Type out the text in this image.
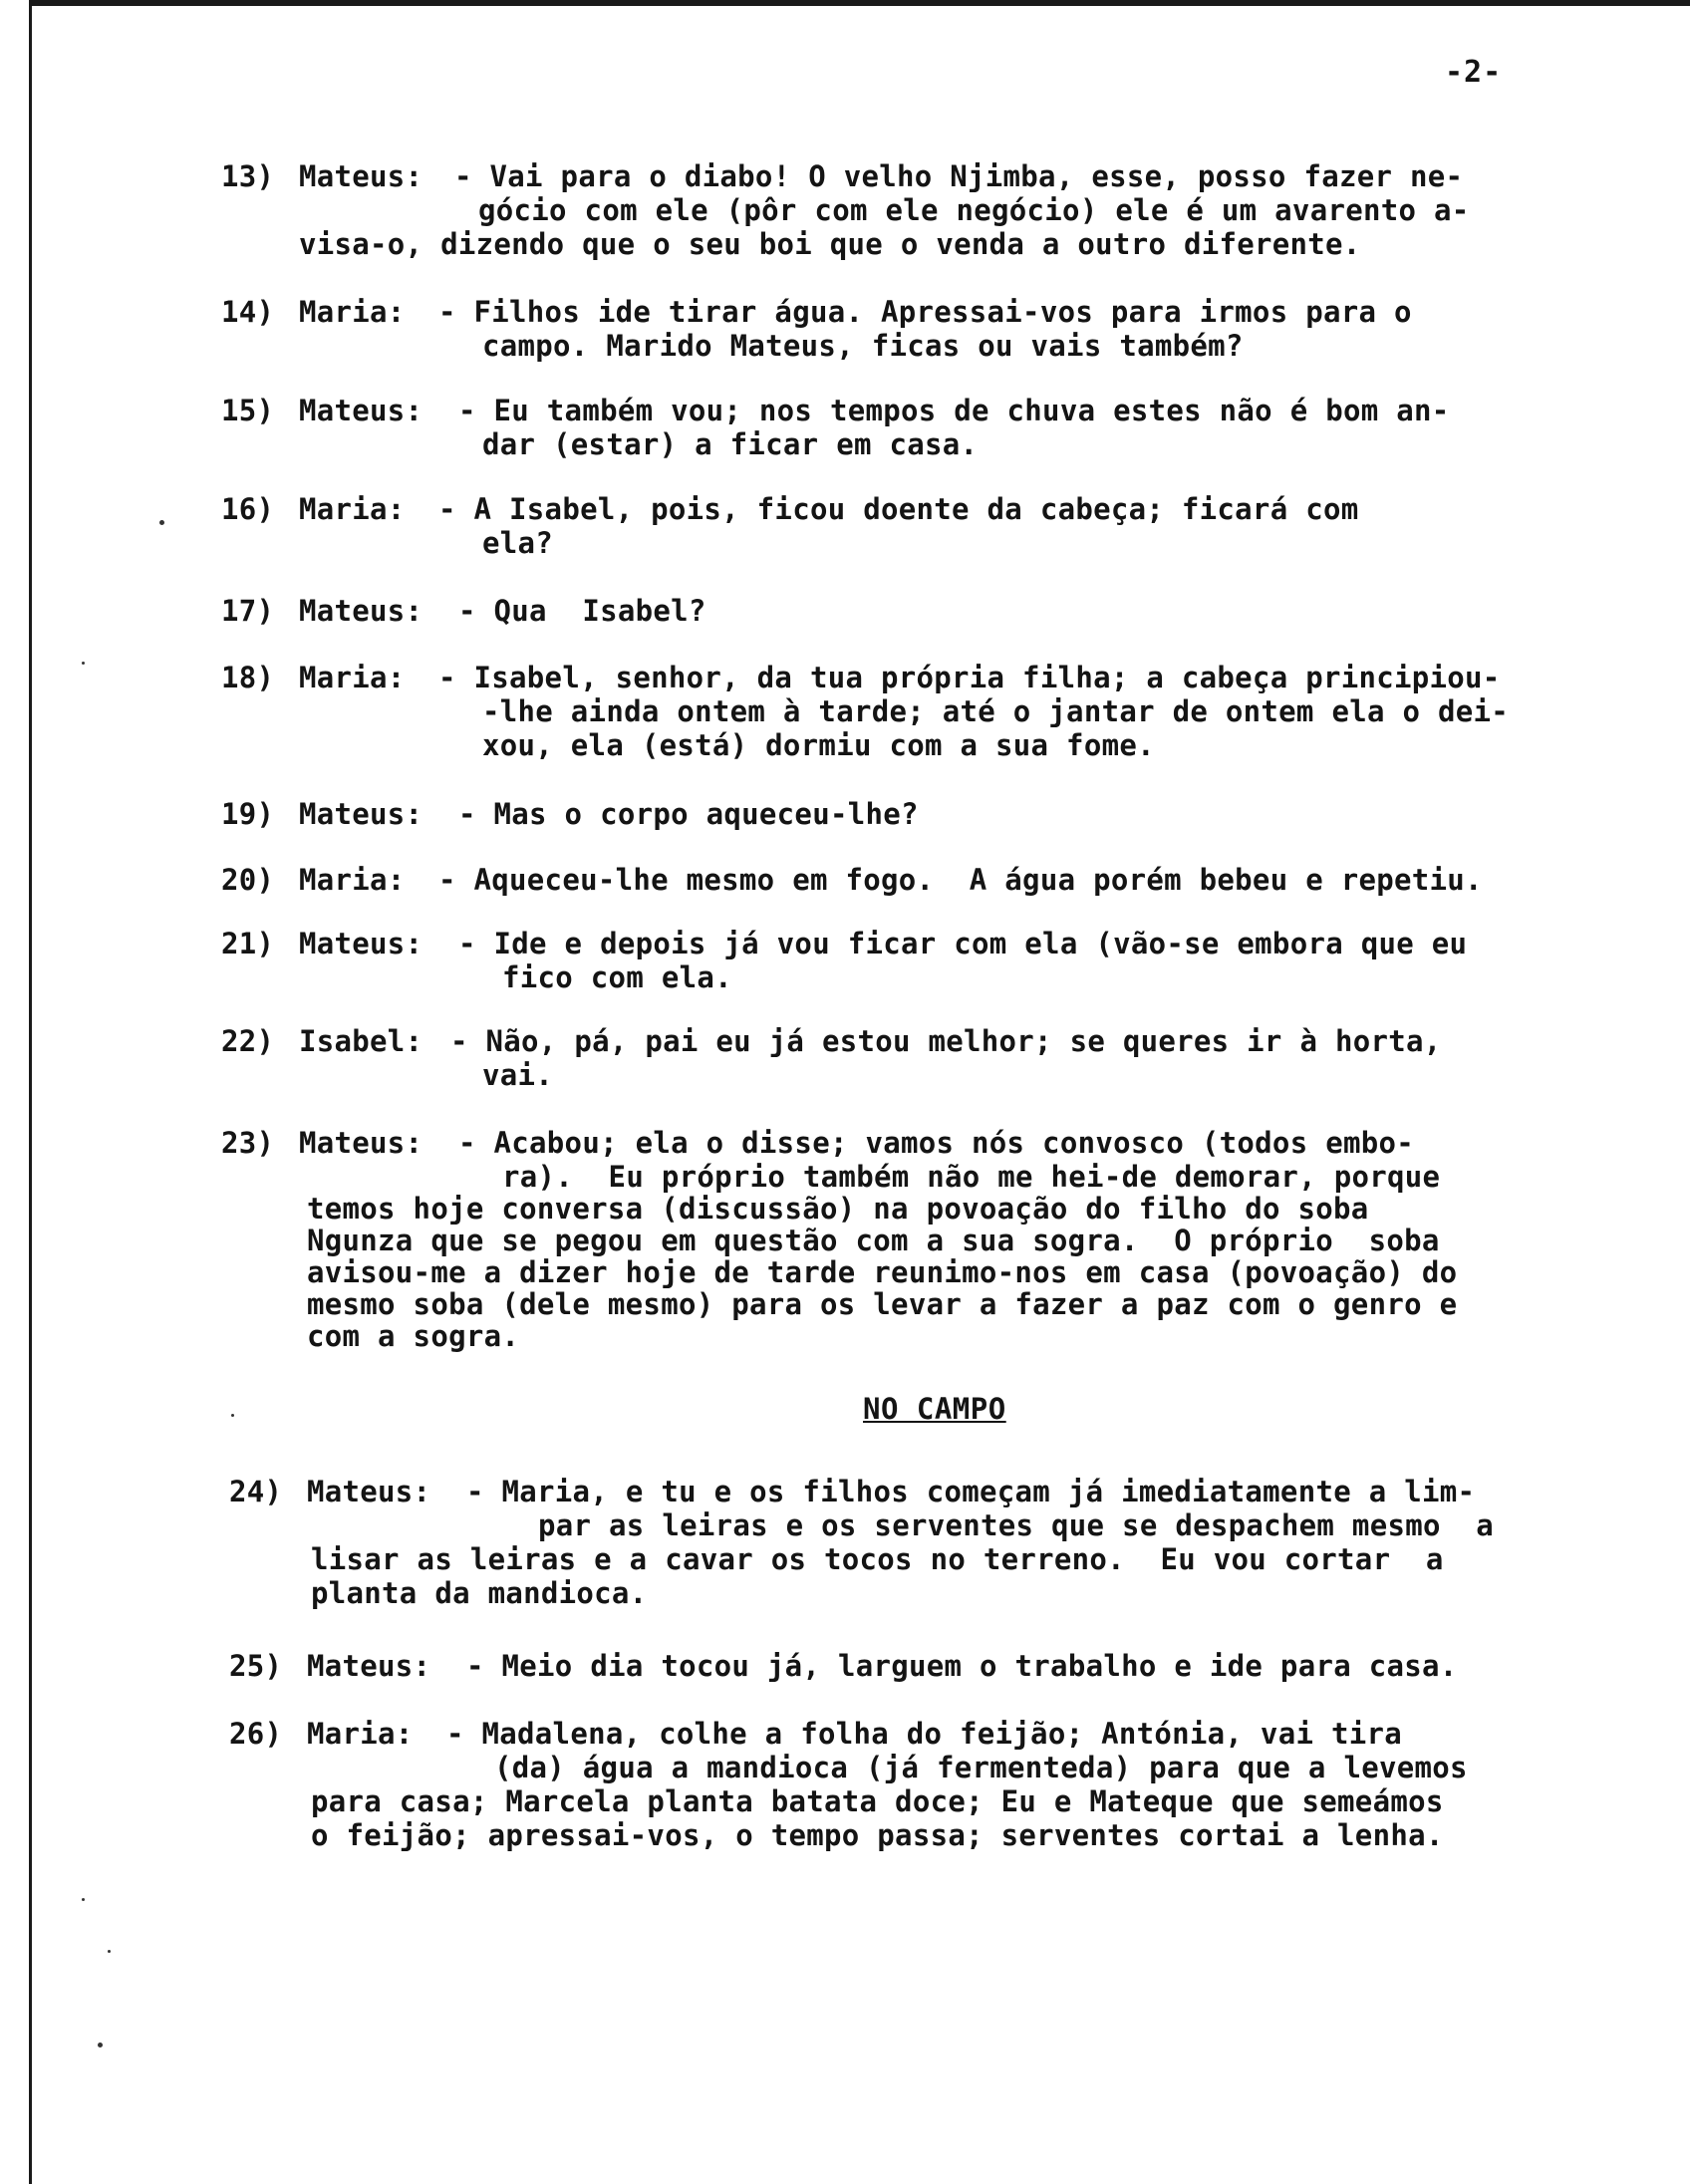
-2-
13) Mateus: - Vai para o diabo! O velho Njimba, esse, posso fazer ne-
gócio com ele (pôr com ele negócio) ele é um avarento a-
visa-o, dizendo que o seu boi que o venda a outro diferente.
14) Maria: - Filhos ide tirar água. Apressai-vos para irmos para o
campo. Marido Mateus, ficas ou vais também?
15) Mateus: - Eu também vou; nos tempos de chuva estes não é bom an-
dar (estar) a ficar em casa.
16) Maria: - A Isabel, pois, ficou doente da cabeça; ficará com
ela?
17) Mateus: - Qua  Isabel?
18) Maria: - Isabel, senhor, da tua própria filha; a cabeça principiou-
-lhe ainda ontem à tarde; até o jantar de ontem ela o dei-
xou, ela (está) dormiu com a sua fome.
19) Mateus: - Mas o corpo aqueceu-lhe?
20) Maria: - Aqueceu-lhe mesmo em fogo.  A água porém bebeu e repetiu.
21) Mateus: - Ide e depois já vou ficar com ela (vão-se embora que eu
fico com ela.
22) Isabel: - Não, pá, pai eu já estou melhor; se queres ir à horta,
vai.
23) Mateus: - Acabou; ela o disse; vamos nós convosco (todos embo-
ra).  Eu próprio também não me hei-de demorar, porque
temos hoje conversa (discussão) na povoação do filho do soba
Ngunza que se pegou em questão com a sua sogra.  O próprio  soba
avisou-me a dizer hoje de tarde reunimo-nos em casa (povoação) do
mesmo soba (dele mesmo) para os levar a fazer a paz com o genro e
com a sogra.
NO CAMPO
24) Mateus: - Maria, e tu e os filhos começam já imediatamente a lim-
par as leiras e os serventes que se despachem mesmo  a
lisar as leiras e a cavar os tocos no terreno.  Eu vou cortar  a
planta da mandioca.
25) Mateus: - Meio dia tocou já, larguem o trabalho e ide para casa.
26) Maria: - Madalena, colhe a folha do feijão; Antónia, vai tira
(da) água a mandioca (já fermenteda) para que a levemos
para casa; Marcela planta batata doce; Eu e Mateque que semeámos
o feijão; apressai-vos, o tempo passa; serventes cortai a lenha.
